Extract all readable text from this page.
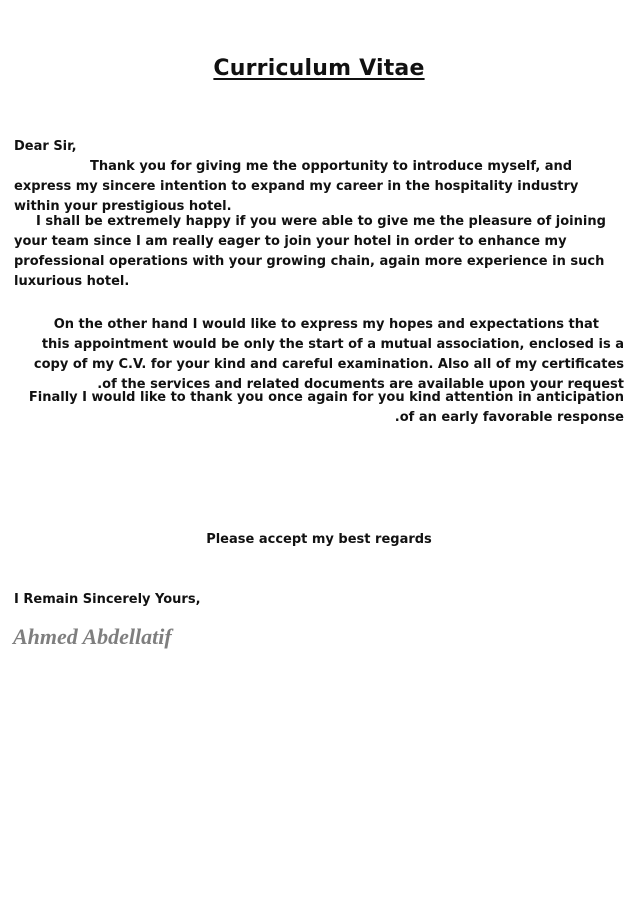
Curriculum Vitae
Dear Sir,
Thank you for giving me the opportunity to introduce myself, and
express my sincere intention to expand my career in the hospitality industry
within your prestigious hotel.
I shall be extremely happy if you were able to give me the pleasure of joining
your team since I am really eager to join your hotel in order to enhance my
professional operations with your growing chain, again more experience in such
luxurious hotel.
On the other hand I would like to express my hopes and expectations that
this appointment would be only the start of a mutual association, enclosed is a
copy of my C.V. for your kind and careful examination. Also all of my certificates
.of the services and related documents are available upon your request
Finally I would like to thank you once again for you kind attention in anticipation
.of an early favorable response
Please accept my best regards
I Remain Sincerely Yours,
Ahmed Abdellatif
